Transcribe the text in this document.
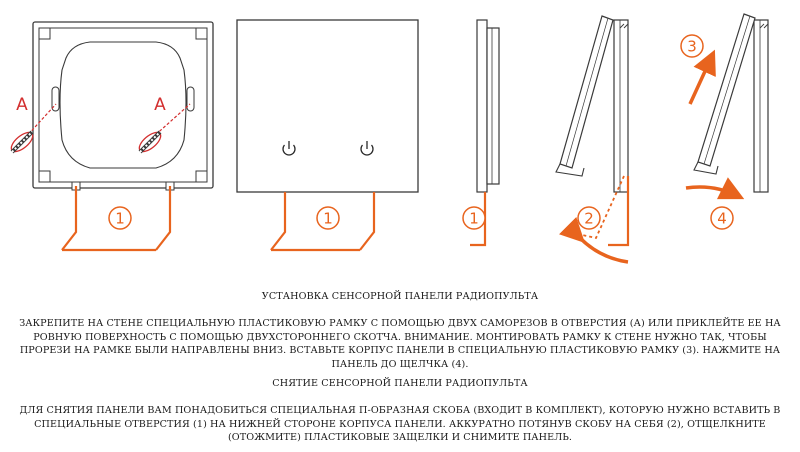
A	A
1	1	1	2
3
4
УСТАНОВКА СЕНСОРНОЙ ПАНЕЛИ РАДИОПУЛЬТА
ЗАКРЕПИТЕ НА СТЕНЕ СПЕЦИАЛЬНУЮ ПЛАСТИКОВУЮ РАМКУ С ПОМОЩЬЮ ДВУХ САМОРЕЗОВ В ОТВЕРСТИЯ (А) ИЛИ ПРИКЛЕЙТЕ ЕЕ НА РОВНУЮ ПОВЕРХНОСТЬ С ПОМОЩЬЮ ДВУХСТОРОННЕГО СКОТЧА. ВНИМАНИЕ. МОНТИРОВАТЬ РАМКУ К СТЕНЕ НУЖНО ТАК, ЧТОБЫ ПРОРЕЗИ НА РАМКЕ БЫЛИ НАПРАВЛЕНЫ ВНИЗ. ВСТАВЬТЕ КОРПУС ПАНЕЛИ В СПЕЦИАЛЬНУЮ ПЛАСТИКОВУЮ РАМКУ (3). НАЖМИТЕ НА ПАНЕЛЬ ДО ЩЕЛЧКА (4).
СНЯТИЕ СЕНСОРНОЙ ПАНЕЛИ РАДИОПУЛЬТА
ДЛЯ СНЯТИЯ ПАНЕЛИ ВАМ ПОНАДОБИТЬСЯ СПЕЦИАЛЬНАЯ П-ОБРАЗНАЯ СКОБА (ВХОДИТ В КОМПЛЕКТ), КОТОРУЮ НУЖНО ВСТАВИТЬ В СПЕЦИАЛЬНЫЕ ОТВЕРСТИЯ (1) НА НИЖНЕЙ СТОРОНЕ КОРПУСА ПАНЕЛИ. АККУРАТНО ПОТЯНУВ СКОБУ НА СЕБЯ (2), ОТЩЕЛКНИТЕ (ОТОЖМИТЕ) ПЛАСТИКОВЫЕ ЗАЩЕЛКИ И СНИМИТЕ ПАНЕЛЬ.
